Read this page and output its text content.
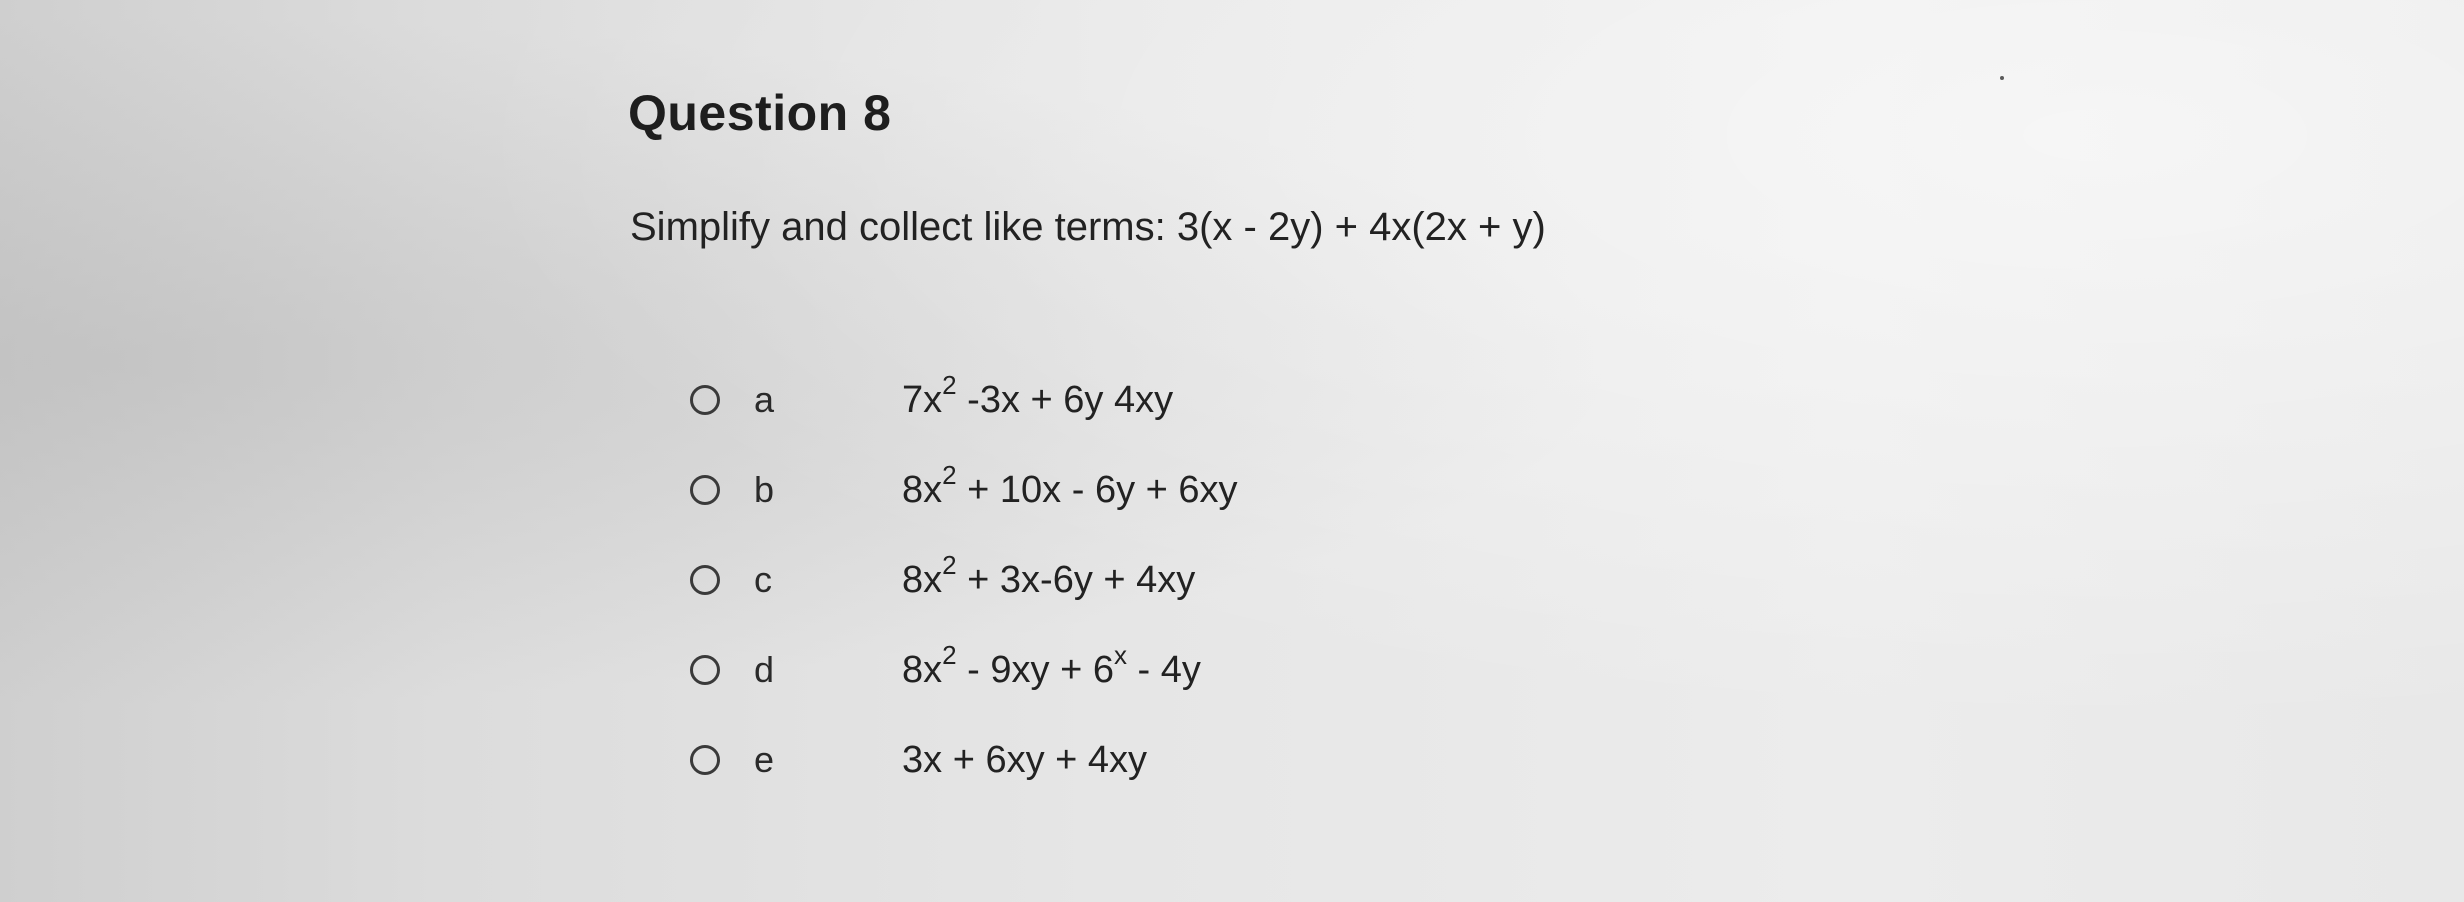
Question 8
Simplify and collect like terms: 3(x - 2y) + 4x(2x + y)
a	$7x^2$ -3x + 6y 4xy
b	$8x^2 + 10x - 6y + 6xy$
c	$8x^2 + 3x-6y + 4xy$
d	$8x^2 - 9xy + 6^x - 4y$
e	3x + 6xy + 4xy
